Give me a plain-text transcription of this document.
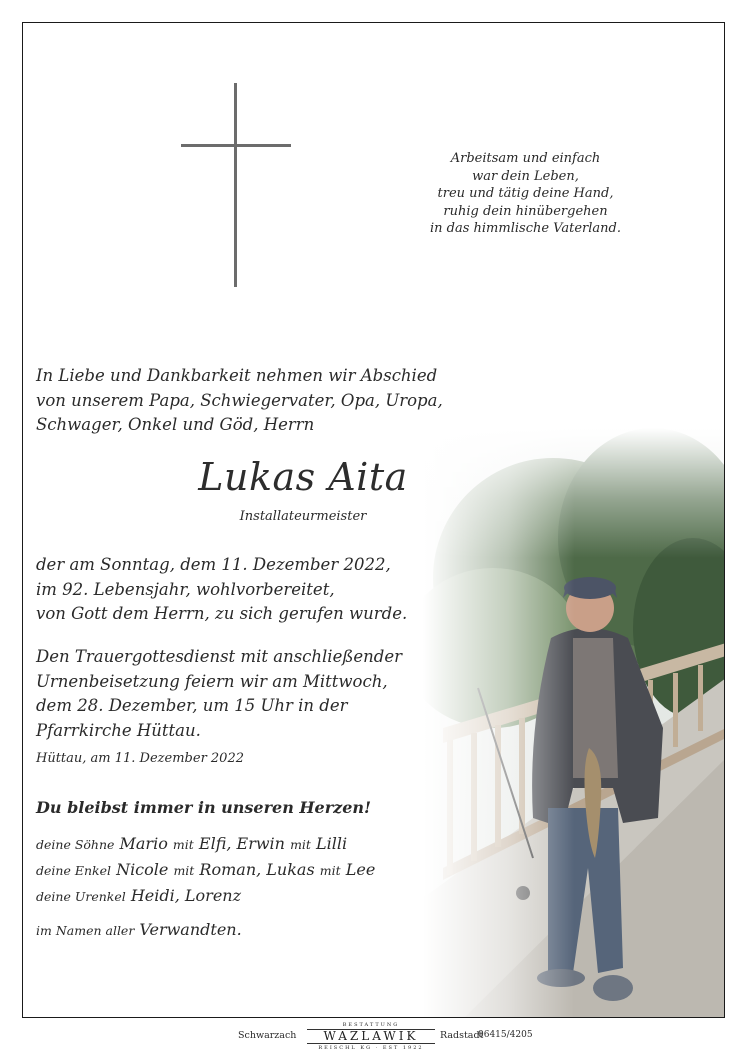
Arbeitsam und einfach
war dein Leben,
treu und tätig deine Hand,
ruhig dein hinübergehen
in das himmlische Vaterland.
In Liebe und Dankbarkeit nehmen wir Abschied
von unserem Papa, Schwiegervater, Opa, Uropa,
Schwager, Onkel und Göd, Herrn
Lukas Aita
Installateurmeister
der am Sonntag, dem 11. Dezember 2022,
im 92. Lebensjahr, wohlvorbereitet,
von Gott dem Herrn, zu sich gerufen wurde.
Den Trauergottesdienst mit anschließender
Urnenbeisetzung feiern wir am Mittwoch,
dem 28. Dezember, um 15 Uhr in der
Pfarrkirche Hüttau.
Hüttau, am 11. Dezember 2022
Du bleibst immer in unseren Herzen!
deine Söhne Mario mit Elfi, Erwin mit Lilli
deine Enkel Nicole mit Roman, Lukas mit Lee
deine Urenkel Heidi, Lorenz
im Namen aller Verwandten.
Schwarzach
BESTATTUNG
WAZLAWIK
REISCHL KG · EST 1922
Radstadt
06415/4205
